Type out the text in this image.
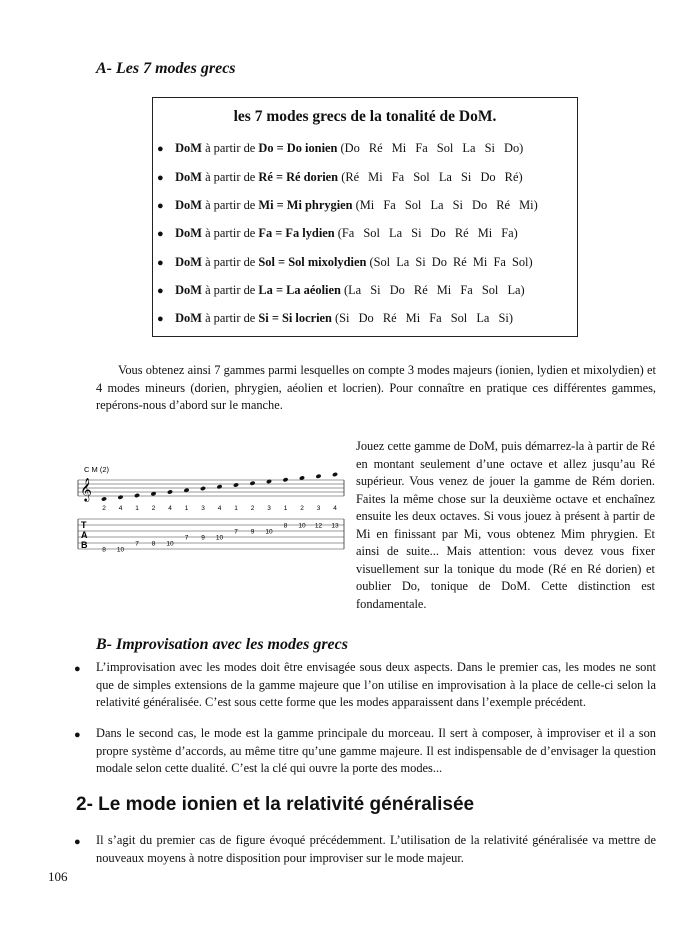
A- Les 7 modes grecs
les 7 modes grecs de la tonalité de DoM.
● DoM à partir de Do = Do ionien (Do Ré Mi Fa Sol La Si Do)
● DoM à partir de Ré = Ré dorien (Ré Mi Fa Sol La Si Do Ré)
● DoM à partir de Mi = Mi phrygien (Mi Fa Sol La Si Do Ré Mi)
● DoM à partir de Fa = Fa lydien (Fa Sol La Si Do Ré Mi Fa)
● DoM à partir de Sol = Sol mixolydien (Sol La Si Do Ré Mi Fa Sol)
● DoM à partir de La = La aéolien (La Si Do Ré Mi Fa Sol La)
● DoM à partir de Si = Si locrien (Si Do Ré Mi Fa Sol La Si)
Vous obtenez ainsi 7 gammes parmi lesquelles on compte 3 modes majeurs (ionien, lydien et mixolydien) et 4 modes mineurs (dorien, phrygien, aéolien et locrien). Pour connaître en pratique ces différentes gammes, repérons-nous d’abord sur le manche.
C M (2)
𝄞
2 4 1 2 4 1 3 4 1 2 3 1 2 3 4
T
A
B 8 10
7 8 10
7 9 10
7 9 10
8 10 12 13
Jouez cette gamme de DoM, puis démarrez-la à partir de Ré en montant seulement d’une octave et allez jusqu’au Ré supérieur. Vous venez de jouer la gamme de Rém dorien. Faites la même chose sur la deuxième octave et enchaînez ensuite les deux octaves. Si vous jouez à présent à partir de Mi en finissant par Mi, vous obtenez Mim phrygien. Et ainsi de suite... Mais attention: vous devez vous fixer visuellement sur la tonique du mode (Ré en Ré dorien) et oublier Do, tonique de DoM. Cette distinction est fondamentale.
B- Improvisation avec les modes grecs
● L’improvisation avec les modes doit être envisagée sous deux aspects. Dans le premier cas, les modes ne sont que de simples extensions de la gamme majeure que l’on utilise en improvisation à la place de celle-ci selon la relativité généralisée. C’est sous cette forme que les modes apparaissent dans l’exemple précédent.
● Dans le second cas, le mode est la gamme principale du morceau. Il sert à composer, à improviser et il a son propre système d’accords, au même titre qu’une gamme majeure. Il est indispensable de d’envisager la question modale selon cette dualité. C’est la clé qui ouvre la porte des modes...
2- Le mode ionien et la relativité généralisée
● Il s’agit du premier cas de figure évoqué précédemment. L’utilisation de la relativité généralisée va mettre de nouveaux moyens à notre disposition pour improviser sur le mode majeur.
106
